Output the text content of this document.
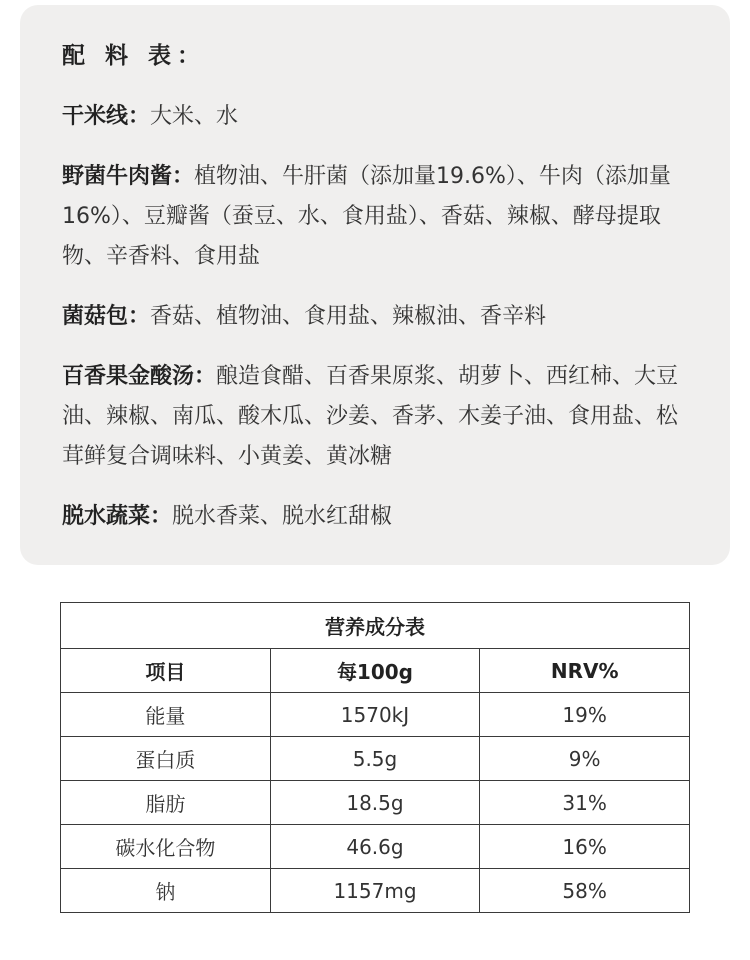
配 料 表：

干米线：大米、水

野菌牛肉酱：植物油、牛肝菌（添加量19.6%）、牛肉（添加量16%）、豆瓣酱（蚕豆、水、食用盐）、香菇、辣椒、酵母提取物、辛香料、食用盐

菌菇包：香菇、植物油、食用盐、辣椒油、香辛料

百香果金酸汤：酿造食醋、百香果原浆、胡萝卜、西红柿、大豆油、辣椒、南瓜、酸木瓜、沙姜、香茅、木姜子油、食用盐、松茸鲜复合调味料、小黄姜、黄冰糖

脱水蔬菜：脱水香菜、脱水红甜椒

营养成分表		
项目	每100g	NRV%
能量	1570kJ	19%
蛋白质	5.5g	9%
脂肪	18.5g	31%
碳水化合物	46.6g	16%
钠	1157mg	58%
